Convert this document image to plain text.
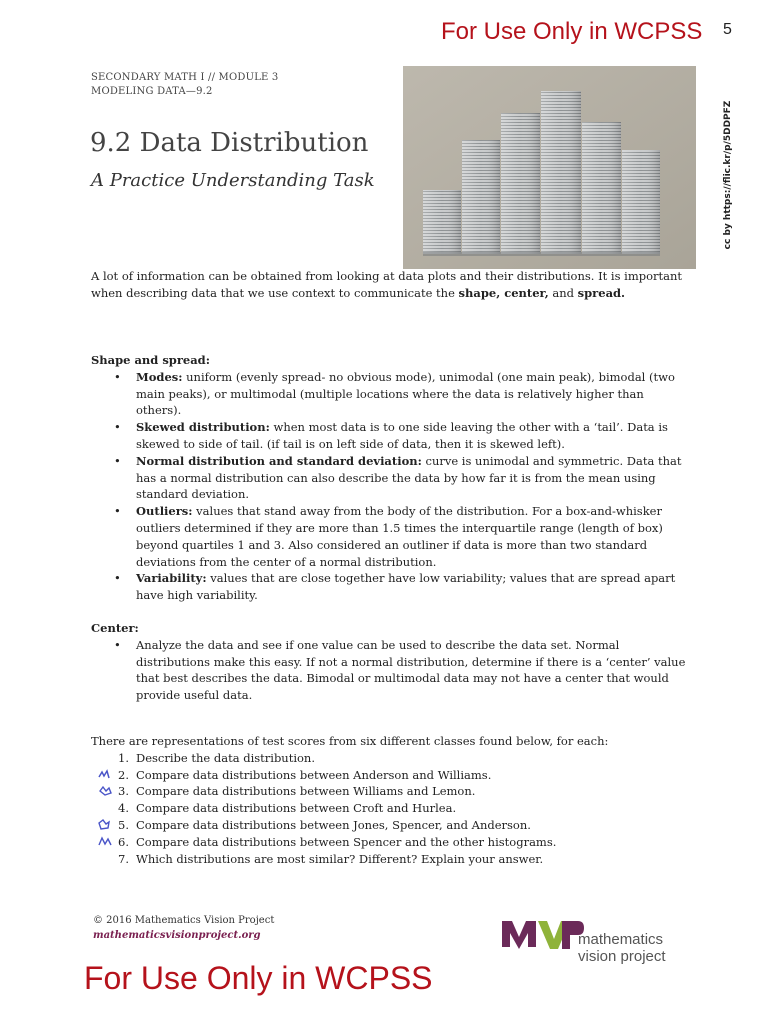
For Use Only in WCPSS 5
SECONDARY MATH I // MODULE 3
MODELING DATA—9.2
9.2 Data Distribution
A Practice Understanding Task	cc by https://flic.kr/p/5DDPFZ
A lot of information can be obtained from looking at data plots and their distributions. It is important when describing data that we use context to communicate the shape, center, and spread.
Shape and spread:
• Modes: uniform (evenly spread- no obvious mode), unimodal (one main peak), bimodal (two main peaks), or multimodal (multiple locations where the data is relatively higher than others).
• Skewed distribution: when most data is to one side leaving the other with a ‘tail’. Data is skewed to side of tail. (if tail is on left side of data, then it is skewed left).
• Normal distribution and standard deviation: curve is unimodal and symmetric. Data that has a normal distribution can also describe the data by how far it is from the mean using standard deviation.
• Outliers: values that stand away from the body of the distribution. For a box-and-whisker outliers determined if they are more than 1.5 times the interquartile range (length of box) beyond quartiles 1 and 3. Also considered an outliner if data is more than two standard deviations from the center of a normal distribution.
• Variability: values that are close together have low variability; values that are spread apart have high variability.
Center:
• Analyze the data and see if one value can be used to describe the data set. Normal distributions make this easy. If not a normal distribution, determine if there is a ‘center’ value that best describes the data. Bimodal or multimodal data may not have a center that would provide useful data.
There are representations of test scores from six different classes found below, for each:
1. Describe the data distribution.
2. Compare data distributions between Anderson and Williams.
3. Compare data distributions between Williams and Lemon.
4. Compare data distributions between Croft and Hurlea.
5. Compare data distributions between Jones, Spencer, and Anderson.
6. Compare data distributions between Spencer and the other histograms.
7. Which distributions are most similar? Different? Explain your answer.
© 2016 Mathematics Vision Project
mathematicsvisionproject.org	mathematics
vision project
For Use Only in WCPSS
